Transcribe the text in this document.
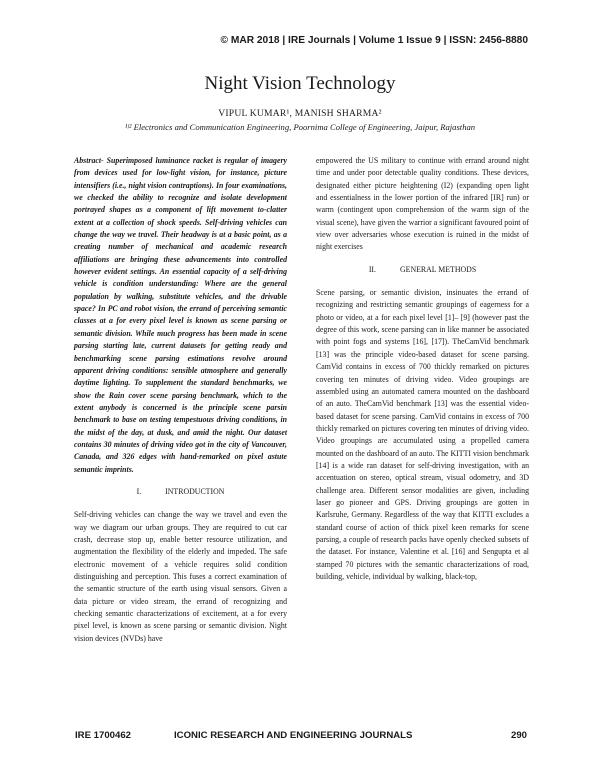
© MAR 2018 | IRE Journals | Volume 1 Issue 9 | ISSN: 2456-8880
Night Vision Technology
VIPUL KUMAR¹, MANISH SHARMA²
¹ʲ² Electronics and Communication Engineering, Poornima College of Engineering, Jaipur, Rajasthan

Abstract- Superimposed luminance racket is regular of imagery from devices used for low-light vision, for instance, picture intensifiers (i.e., night vision contraptions). In four examinations, we checked the ability to recognize and isolate development portrayed shapes as a component of lift movement to-clatter extent at a collection of shock speeds. Self-driving vehicles can change the way we travel. Their headway is at a basic point, as a creating number of mechanical and academic research affiliations are bringing these advancements into controlled however evident settings. An essential capacity of a self-driving vehicle is condition understanding: Where are the general population by walking, substitute vehicles, and the drivable space? In PC and robot vision, the errand of perceiving semantic classes at a for every pixel level is known as scene parsing or semantic division. While much progress has been made in scene parsing starting late, current datasets for getting ready and benchmarking scene parsing estimations revolve around apparent driving conditions: sensible atmosphere and generally daytime lighting. To supplement the standard benchmarks, we show the Rain cover scene parsing benchmark, which to the extent anybody is concerned is the principle scene parsin benchmark to base on testing tempestuous driving conditions, in the midst of the day, at dusk, and amid the night. Our dataset contains 30 minutes of driving video got in the city of Vancouver, Canada, and 326 edges with hand-remarked on pixel astute semantic imprints.

I.	INTRODUCTION

Self-driving vehicles can change the way we travel and even the way we diagram our urban groups. They are required to cut car crash, decrease stop up, enable better resource utilization, and augmentation the flexibility of the elderly and impeded. The safe electronic movement of a vehicle requires solid condition distinguishing and perception. This fuses a correct examination of the semantic structure of the earth using visual sensors. Given a data picture or video stream, the errand of recognizing and checking semantic characterizations of excitement, at a for every pixel level, is known as scene parsing or semantic division. Night vision devices (NVDs) have

empowered the US military to continue with errand around night time and under poor detectable quality conditions. These devices, designated either picture heightening (I2) (expanding open light and essentialness in the lower portion of the infrared [IR] run) or warm (contingent upon comprehension of the warm sign of the visual scene), have given the warrior a significant favoured point of view over adversaries whose execution is ruined in the midst of night exercises

II.	GENERAL METHODS

Scene parsing, or semantic division, insinuates the errand of recognizing and restricting semantic groupings of eagerness for a photo or video, at a for each pixel level [1]– [9] (however past the degree of this work, scene parsing can in like manner be associated with point fogs and systems [16], [17]). TheCamVid benchmark [13] was the principle video-based dataset for scene parsing. CamVid contains in excess of 700 thickly remarked on pictures covering ten minutes of driving video. Video groupings are assembled using an automated camera mounted on the dashboard of an auto. TheCamVid benchmark [13] was the essential video-based dataset for scene parsing. CamVid contains in excess of 700 thickly remarked on pictures covering ten minutes of driving video. Video groupings are accumulated using a propelled camera mounted on the dashboard of an auto. The KITTI vision benchmark [14] is a wide ran dataset for self-driving investigation, with an accentuation on stereo, optical stream, visual odometry, and 3D challenge area. Different sensor modalities are given, including laser go pioneer and GPS. Driving groupings are gotten in Karlsruhe, Germany. Regardless of the way that KITTI excludes a standard course of action of thick pixel keen remarks for scene parsing, a couple of research packs have openly checked subsets of the dataset. For instance, Valentine et al. [16] and Sengupta et al stamped 70 pictures with the semantic characterizations of road, building, vehicle, individual by walking, black-top,

IRE 1700462	ICONIC RESEARCH AND ENGINEERING JOURNALS	290
